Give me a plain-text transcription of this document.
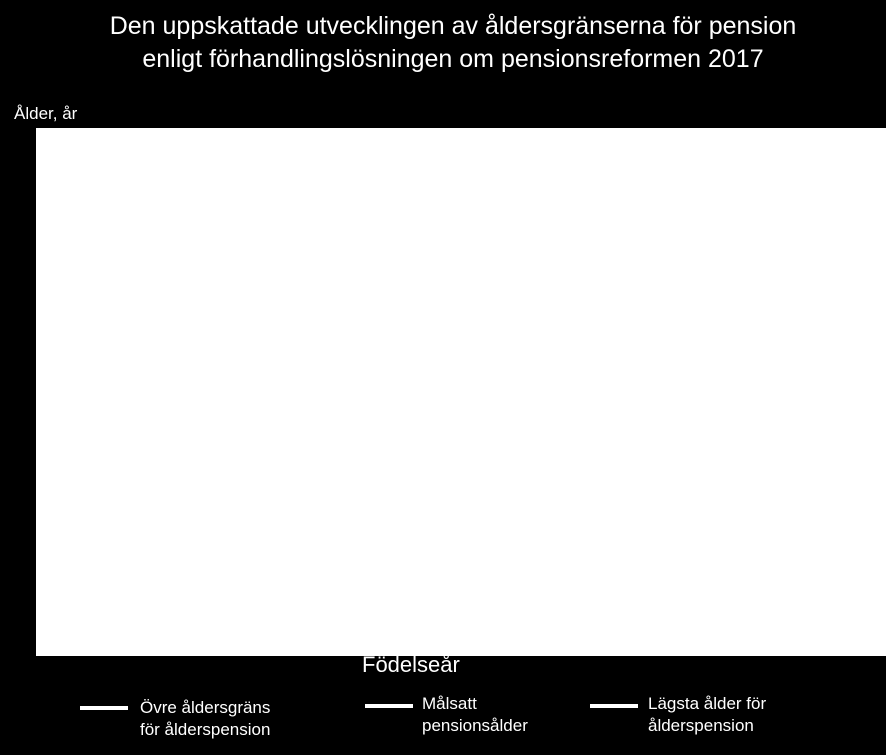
Den uppskattade utvecklingen av åldersgränserna för pension
enligt förhandlingslösningen om pensionsreformen 2017
Ålder, år
Födelseår
Övre åldersgräns
för ålderspension
Målsatt
pensionsålder
Lägsta ålder för
ålderspension
